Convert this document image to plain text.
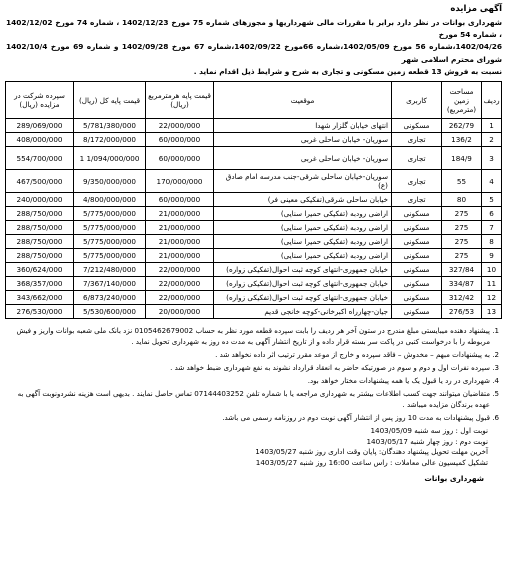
آگهی مزایده

شهرداری بوانات در نظر دارد برابر با مقررات مالی شهرداریها و مجوزهای شماره 75 مورخ 1402/12/23 ، شماره 74 مورخ 1402/12/02 ، شماره 54 مورخ

1402/04/26،شماره 56 مورخ 1402/05/09،شماره 66مورخ 1402/09/22،شماره 67 مورخ 1402/09/28 و شماره 69 مورخ 1402/10/4 شورای محترم اسلامی شهر

نسبت به فروش 13 قطعه زمین مسکونی و تجاری به شرح و شرایط ذیل اقدام نماید .

ردیف	مساحت زمین (مترمربع)	کاربری	موقعیت	قیمت پایه هرمترمربع (ریال)	قیمت پایه کل (ریال)	سپرده شرکت در مزایده (ریال)
1	262/79	مسکونی	انتهای خیابان گلزار شهدا	22/000/000	5/781/380/000	289/069/000
2	136/2	تجاری	سوریان- خیابان ساحلی غربی	60/000/000	8/172/000/000	408/000/000
3	184/9	تجاری	سوریان- خیابان ساحلی غربی	60/000/000	1/094/000/000 1	554/700/000
4	55	تجاری	سوریان-خیابان ساحلی شرقی-جنب مدرسه امام صادق (ع)	170/000/000	9/350/000/000	467/500/000
5	80	تجاری	خیابان ساحلی شرقی(تفکیکی معینی فر)	60/000/000	4/800/000/000	240/000/000
6	275	مسکونی	اراضی رودبه (تفکیکی حمیرا سنایی)	21/000/000	5/775/000/000	288/750/000
7	275	مسکونی	اراضی رودبه (تفکیکی حمیرا سنایی)	21/000/000	5/775/000/000	288/750/000
8	275	مسکونی	اراضی رودبه (تفکیکی حمیرا سنایی)	21/000/000	5/775/000/000	288/750/000
9	275	مسکونی	اراضی رودبه (تفکیکی حمیرا سنایی)	21/000/000	5/775/000/000	288/750/000
10	327/84	مسکونی	خیابان جمهوری-انتهای کوچه ثبت احوال(تفکیکی زواره)	22/000/000	7/212/480/000	360/624/000
11	334/87	مسکونی	خیابان جمهوری-انتهای کوچه ثبت احوال(تفکیکی زواره)	22/000/000	7/367/140/000	368/357/000
12	312/42	مسکونی	خیابان جمهوری-انتهای کوچه ثبت احوال(تفکیکی زواره)	22/000/000	6/873/240/000	343/662/000
13	276/53	مسکونی	جیان-چهارراه اکبرخانی-کوچه خانجی قدیم	20/000/000	5/530/600/000	276/530/000
1. پیشنهاد دهنده میبایستی مبلغ مندرج در ستون آخر هر ردیف را بابت سپرده قطعه مورد نظر به حساب 0105462679002 نزد بانک ملی شعبه بوانات واریز و فیش مربوطه را با درخواست کتبی در پاکت سر بسته قرار داده و از تاریخ انتشار آگهی به مدت ده روز به شهرداری تحویل نماید .
2. به پیشنهادات مبهم – مخدوش – فاقد سپرده و خارج از موعد مقرر ترتیب اثر داده نخواهد شد .
3. سپرده نفرات اول و دوم و سوم در صورتیکه حاضر به انعقاد قرارداد نشوند به نفع شهرداری ضبط خواهد شد .
4. شهرداری در رد یا قبول یک یا همه پیشنهادات مختار خواهد بود.
5. متقاضیان میتوانند جهت کسب اطلاعات بیشتر به شهرداری مراجعه یا با شماره تلفن 07144403252 تماس حاصل نمایند . بدیهی است هزینه نشردونوبت آگهی به عهده برندگان مزایده میباشد .
6. قبول پیشنهادات به مدت 10 روز پس از انتشار آگهی نوبت دوم در روزنامه رسمی می باشد.
نوبت اول : روز سه شنبه 1403/05/09
نوبت دوم : روز چهار شنبه 1403/05/17
آخرین مهلت تحویل پیشنهاد دهندگان: پایان وقت اداری روز شنبه 1403/05/27
تشکیل کمیسیون عالی معاملات : راس ساعت 16:00 روز شنبه 1403/05/27
شهرداری بوانات
